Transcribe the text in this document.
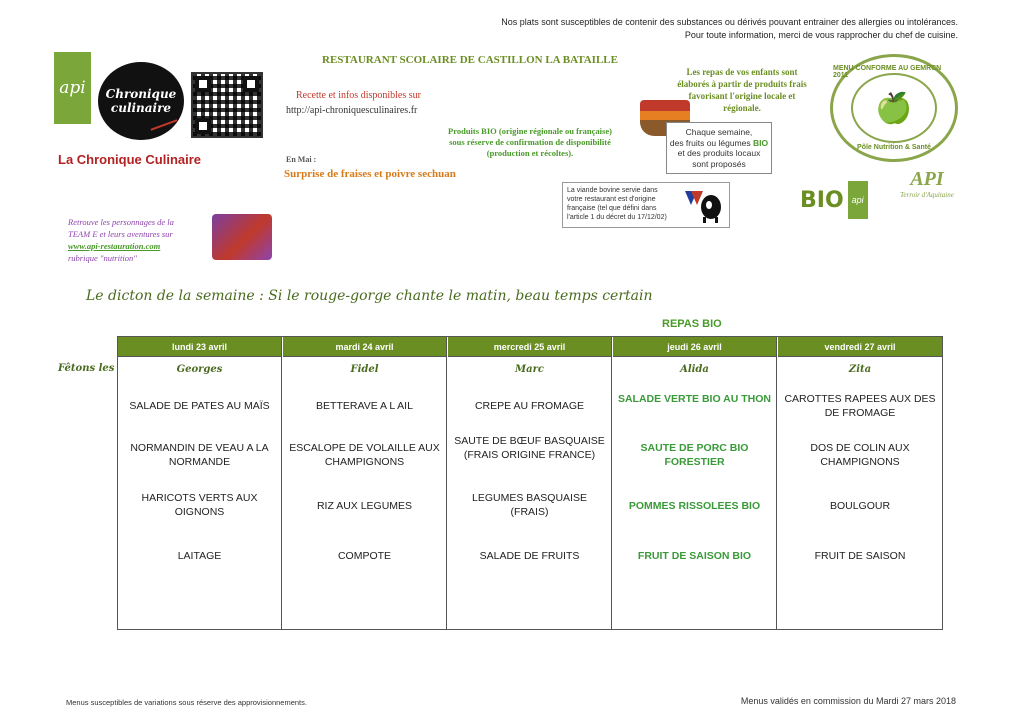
Nos plats sont susceptibles de contenir des substances ou dérivés pouvant entrainer des allergies ou intolérances.
Pour toute information, merci de vous rapprocher du chef de cuisine.
api	Chronique
culinaire
La Chronique Culinaire
RESTAURANT SCOLAIRE DE CASTILLON LA BATAILLE
Recette et infos disponibles sur
http://api-chroniquesculinaires.fr
Produits BIO (origine régionale ou française)
sous réserve de confirmation de disponibilité
(production et récoltes).
En Mai :
Surprise de fraises et poivre sechuan
Les repas de vos enfants sont
élaborés à partir de produits frais
favorisant l'origine locale et
régionale.
Chaque semaine,
des fruits ou légumes BIO
et des produits locaux
sont proposés
🍏
MENU CONFORME AU GEMRCN 2011
Pôle Nutrition & Santé
BIO api
API
Terroir d'Aquitaine
La viande bovine servie dans
votre restaurant est d'origine
française (tel que défini dans
l'article 1 du décret du 17/12/02)
Retrouve les personnages de la
TEAM E et leurs aventures sur
www.api-restauration.com
rubrique "nutrition"
Le dicton de la semaine : Si le rouge-gorge chante le matin, beau temps certain
REPAS BIO
Fêtons les
lundi 23 avril
Georges
SALADE DE PATES AU MAÏS
NORMANDIN DE VEAU A LA NORMANDE
HARICOTS VERTS AUX OIGNONS
LAITAGE
mardi 24 avril
Fidel
BETTERAVE A L AIL
ESCALOPE DE VOLAILLE AUX CHAMPIGNONS
RIZ AUX LEGUMES
COMPOTE
mercredi 25 avril
Marc
CREPE AU FROMAGE
SAUTE DE BŒUF BASQUAISE (FRAIS ORIGINE FRANCE)
LEGUMES BASQUAISE (FRAIS)
SALADE DE FRUITS
jeudi 26 avril
Alida
SALADE VERTE BIO AU THON
SAUTE DE PORC BIO FORESTIER
POMMES RISSOLEES BIO
FRUIT DE SAISON BIO
vendredi 27 avril
Zita
CAROTTES RAPEES AUX DES DE FROMAGE
DOS DE COLIN AUX CHAMPIGNONS
BOULGOUR
FRUIT DE SAISON
Menus susceptibles de variations sous réserve des approvisionnements.	Menus validés en commission du Mardi 27 mars 2018
